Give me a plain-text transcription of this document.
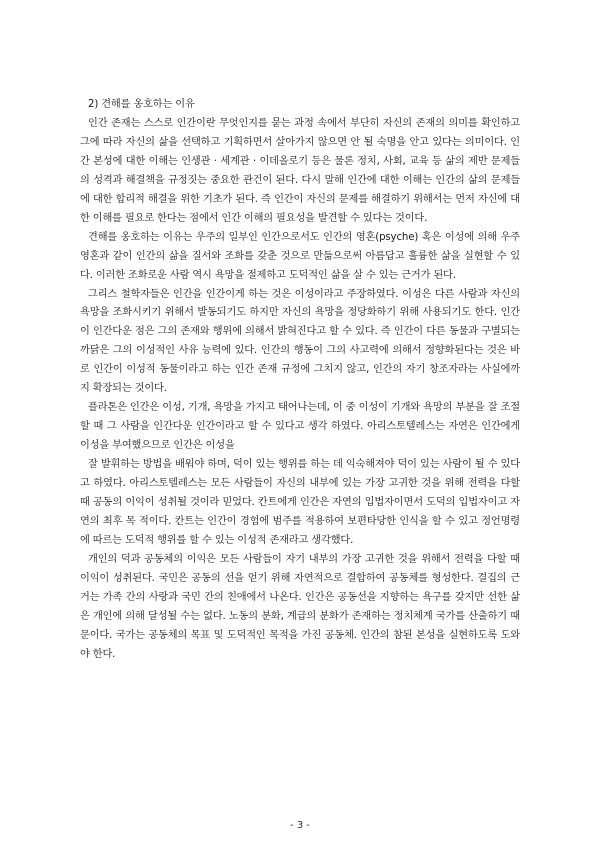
2) 견해를 옹호하는 이유

인간 존재는 스스로 인간이란 무엇인지를 묻는 과정 속에서 부단히 자신의 존재의 의미를 확인하고 그에 따라 자신의 삶을 선택하고 기획하면서 살아가지 않으면 안 될 숙명을 안고 있다는 의미이다. 인간 본성에 대한 이해는 인생관 · 세계관 · 이데올로기 등은 물론 정치, 사회, 교육 등 삶의 제반 문제들의 성격과 해결책을 규정짓는 중요한 관건이 된다. 다시 말해 인간에 대한 이해는 인간의 삶의 문제들에 대한 합리적 해결을 위한 기초가 된다. 즉 인간이 자신의 문제를 해결하기 위해서는 먼저 자신에 대한 이해를 필요로 한다는 점에서 인간 이해의 필요성을 발견할 수 있다는 것이다.

견해를 옹호하는 이유는 우주의 일부인 인간으로서도 인간의 영혼(psyche) 혹은 이성에 의해 우주 영혼과 같이 인간의 삶을 질서와 조화를 갖춘 것으로 만듦으로써 아름답고 훌륭한 삶을 실현할 수 있다. 이러한 조화로운 사람 역시 욕망을 절제하고 도덕적인 삶을 살 수 있는 근거가 된다.

그리스 철학자들은 인간을 인간이게 하는 것은 이성이라고 주장하였다. 이성은 다른 사람과 자신의 욕망을 조화시키기 위해서 발동되기도 하지만 자신의 욕망을 정당화하기 위해 사용되기도 한다. 인간이 인간다운 점은 그의 존재와 행위에 의해서 밝혀진다고 할 수 있다. 즉 인간이 다른 동물과 구별되는 까닭은 그의 이성적인 사유 능력에 있다. 인간의 행동이 그의 사고력에 의해서 정향화된다는 것은 바로 인간이 이성적 동물이라고 하는 인간 존재 규정에 그치지 않고, 인간의 자기 창조자라는 사실에까지 확장되는 것이다.

플라톤은 인간은 이성, 기개, 욕망을 가지고 태어나는데, 이 중 이성이 기개와 욕망의 부분을 잘 조절할 때 그 사람을 인간다운 인간이라고 할 수 있다고 생각 하였다. 아리스토텔레스는 자연은 인간에게 이성을 부여했으므로 인간은 이성을

잘 발휘하는 방법을 배워야 하며, 덕이 있는 행위를 하는 데 익숙해져야 덕이 있는 사람이 될 수 있다고 하였다. 아리스토텔레스는 모든 사람들이 자신의 내부에 있는 가장 고귀한 것을 위해 전력을 다할 때 공동의 이익이 성취될 것이라 믿었다. 칸트에게 인간은 자연의 입법자이면서 도덕의 입법자이고 자연의 최후 목 적이다. 칸트는 인간이 경험에 범주를 적용하여 보편타당한 인식을 할 수 있고 정언명령에 따르는 도덕적 행위를 할 수 있는 이성적 존재라고 생각했다.

개인의 덕과 공동체의 이익은 모든 사람들이 자기 내부의 가장 고귀한 것을 위해서 전력을 다할 때 이익이 성취된다. 국민은 공동의 선을 얻기 위해 자연적으로 결합하여 공동체를 형성한다. 결집의 근거는 가족 간의 사랑과 국민 간의 친애에서 나온다. 인간은 공동선을 지향하는 욕구를 갖지만 선한 삶은 개인에 의해 달성될 수는 없다. 노동의 분화, 계급의 분화가 존재하는 정치체계 국가를 산출하기 때문이다. 국가는 공동체의 목표 및 도덕적인 목적을 가진 공동체. 인간의 참된 본성을 실현하도록 도와야 한다.

- 3 -
